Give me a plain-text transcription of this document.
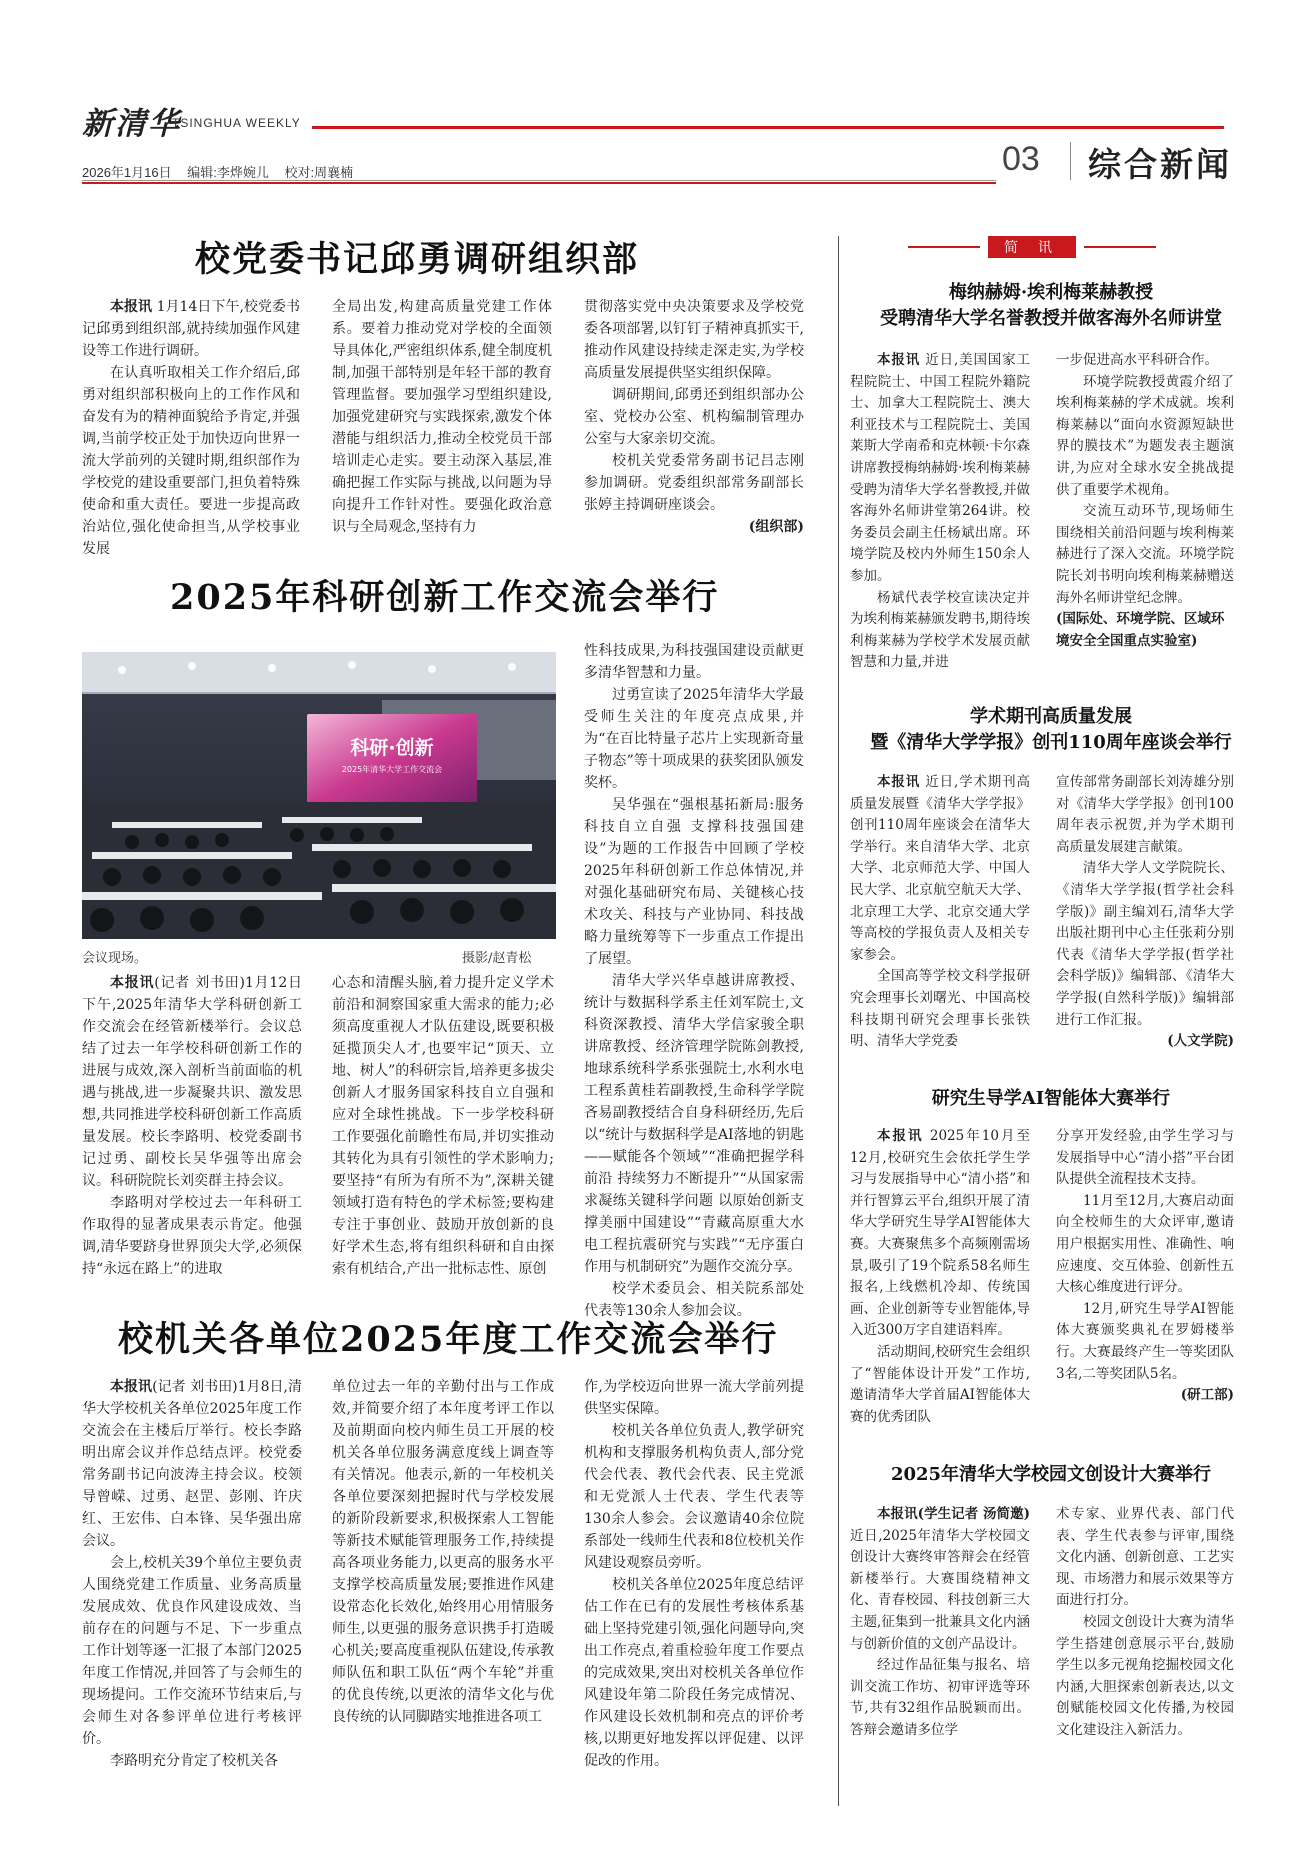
新清华
TSINGHUA WEEKLY
2026年1月16日 编辑:李烨婉儿 校对:周襄楠	03 综合新闻
校党委书记邱勇调研组织部

本报讯 1月14日下午,校党委书记邱勇到组织部,就持续加强作风建设等工作进行调研。

在认真听取相关工作介绍后,邱勇对组织部积极向上的工作作风和奋发有为的精神面貌给予肯定,并强调,当前学校正处于加快迈向世界一流大学前列的关键时期,组织部作为学校党的建设重要部门,担负着特殊使命和重大责任。要进一步提高政治站位,强化使命担当,从学校事业发展

全局出发,构建高质量党建工作体系。要着力推动党对学校的全面领导具体化,严密组织体系,健全制度机制,加强干部特别是年轻干部的教育管理监督。要加强学习型组织建设,加强党建研究与实践探索,激发个体潜能与组织活力,推动全校党员干部培训走心走实。要主动深入基层,准确把握工作实际与挑战,以问题为导向提升工作针对性。要强化政治意识与全局观念,坚持有力

贯彻落实党中央决策要求及学校党委各项部署,以钉钉子精神真抓实干,推动作风建设持续走深走实,为学校高质量发展提供坚实组织保障。

调研期间,邱勇还到组织部办公室、党校办公室、机构编制管理办公室与大家亲切交流。

校机关党委常务副书记吕志刚参加调研。党委组织部常务副部长张婷主持调研座谈会。

(组织部)

2025年科研创新工作交流会举行
科研·创新
2025年清华大学工作交流会
会议现场。	摄影/赵青松

本报讯(记者 刘书田)1月12日下午,2025年清华大学科研创新工作交流会在经管新楼举行。会议总结了过去一年学校科研创新工作的进展与成效,深入剖析当前面临的机遇与挑战,进一步凝聚共识、激发思想,共同推进学校科研创新工作高质量发展。校长李路明、校党委副书记过勇、副校长吴华强等出席会议。科研院院长刘奕群主持会议。

李路明对学校过去一年科研工作取得的显著成果表示肯定。他强调,清华要跻身世界顶尖大学,必须保持“永远在路上”的进取

心态和清醒头脑,着力提升定义学术前沿和洞察国家重大需求的能力;必须高度重视人才队伍建设,既要积极延揽顶尖人才,也要牢记“顶天、立地、树人”的科研宗旨,培养更多拔尖创新人才服务国家科技自立自强和应对全球性挑战。下一步学校科研工作要强化前瞻性布局,并切实推动其转化为具有引领性的学术影响力;要坚持“有所为有所不为”,深耕关键领域打造有特色的学术标签;要构建专注于事创业、鼓励开放创新的良好学术生态,将有组织科研和自由探索有机结合,产出一批标志性、原创

性科技成果,为科技强国建设贡献更多清华智慧和力量。

过勇宣读了2025年清华大学最受师生关注的年度亮点成果,并为“在百比特量子芯片上实现新奇量子物态”等十项成果的获奖团队颁发奖杯。

吴华强在“强根基拓新局:服务科技自立自强 支撑科技强国建设”为题的工作报告中回顾了学校2025年科研创新工作总体情况,并对强化基础研究布局、关键核心技术攻关、科技与产业协同、科技战略力量统筹等下一步重点工作提出了展望。

清华大学兴华卓越讲席教授、统计与数据科学系主任刘军院士,文科资深教授、清华大学信家骏全职讲席教授、经济管理学院陈剑教授,地球系统科学系张强院士,水利水电工程系黄桂若副教授,生命科学学院吝易副教授结合自身科研经历,先后以“统计与数据科学是AI落地的钥匙——赋能各个领域”“准确把握学科前沿 持续努力不断提升”“从国家需求凝练关键科学问题 以原始创新支撑美丽中国建设”“青藏高原重大水电工程抗震研究与实践”“无序蛋白作用与机制研究”为题作交流分享。

校学术委员会、相关院系部处代表等130余人参加会议。

校机关各单位2025年度工作交流会举行

本报讯(记者 刘书田)1月8日,清华大学校机关各单位2025年度工作交流会在主楼后厅举行。校长李路明出席会议并作总结点评。校党委常务副书记向波涛主持会议。校领导曾嵘、过勇、赵罡、彭刚、许庆红、王宏伟、白本锋、吴华强出席会议。

会上,校机关39个单位主要负责人围绕党建工作质量、业务高质量发展成效、优良作风建设成效、当前存在的问题与不足、下一步重点工作计划等逐一汇报了本部门2025年度工作情况,并回答了与会师生的现场提问。工作交流环节结束后,与会师生对各参评单位进行考核评价。

李路明充分肯定了校机关各

单位过去一年的辛勤付出与工作成效,并简要介绍了本年度考评工作以及前期面向校内师生员工开展的校机关各单位服务满意度线上调查等有关情况。他表示,新的一年校机关各单位要深刻把握时代与学校发展的新阶段新要求,积极探索人工智能等新技术赋能管理服务工作,持续提高各项业务能力,以更高的服务水平支撑学校高质量发展;要推进作风建设常态化长效化,始终用心用情服务师生,以更强的服务意识携手打造暖心机关;要高度重视队伍建设,传承教师队伍和职工队伍“两个车轮”并重的优良传统,以更浓的清华文化与优良传统的认同脚踏实地推进各项工

作,为学校迈向世界一流大学前列提供坚实保障。

校机关各单位负责人,教学研究机构和支撑服务机构负责人,部分党代会代表、教代会代表、民主党派和无党派人士代表、学生代表等130余人参会。会议邀请40余位院系部处一线师生代表和8位校机关作风建设观察员旁听。

校机关各单位2025年度总结评估工作在已有的发展性考核体系基础上坚持党建引领,强化问题导向,突出工作亮点,着重检验年度工作要点的完成效果,突出对校机关各单位作风建设年第二阶段任务完成情况、作风建设长效机制和亮点的评价考核,以期更好地发挥以评促建、以评促改的作用。

简 讯
梅纳赫姆·埃利梅莱赫教授
受聘清华大学名誉教授并做客海外名师讲堂

本报讯 近日,美国国家工程院院士、中国工程院外籍院士、加拿大工程院院士、澳大利亚技术与工程院院士、美国莱斯大学南希和克林顿·卡尔森讲席教授梅纳赫姆·埃利梅莱赫受聘为清华大学名誉教授,并做客海外名师讲堂第264讲。校务委员会副主任杨斌出席。环境学院及校内外师生150余人参加。

杨斌代表学校宣读决定并为埃利梅莱赫颁发聘书,期待埃利梅莱赫为学校学术发展贡献智慧和力量,并进

一步促进高水平科研合作。

环境学院教授黄霞介绍了埃利梅莱赫的学术成就。埃利梅莱赫以“面向水资源短缺世界的膜技术”为题发表主题演讲,为应对全球水安全挑战提供了重要学术视角。

交流互动环节,现场师生围绕相关前沿问题与埃利梅莱赫进行了深入交流。环境学院院长刘书明向埃利梅莱赫赠送海外名师讲堂纪念牌。

(国际处、环境学院、区域环境安全全国重点实验室)

学术期刊高质量发展
暨《清华大学学报》创刊110周年座谈会举行

本报讯 近日,学术期刊高质量发展暨《清华大学学报》创刊110周年座谈会在清华大学举行。来自清华大学、北京大学、北京师范大学、中国人民大学、北京航空航天大学、北京理工大学、北京交通大学等高校的学报负责人及相关专家参会。

全国高等学校文科学报研究会理事长刘曙光、中国高校科技期刊研究会理事长张铁明、清华大学党委

宣传部常务副部长刘涛雄分别对《清华大学学报》创刊100周年表示祝贺,并为学术期刊高质量发展建言献策。

清华大学人文学院院长、《清华大学学报(哲学社会科学版)》副主编刘石,清华大学出版社期刊中心主任张莉分别代表《清华大学学报(哲学社会科学版)》编辑部、《清华大学学报(自然科学版)》编辑部进行工作汇报。

(人文学院)

研究生导学AI智能体大赛举行

本报讯 2025年10月至12月,校研究生会依托学生学习与发展指导中心“清小搭”和并行智算云平台,组织开展了清华大学研究生导学AI智能体大赛。大赛聚焦多个高频刚需场景,吸引了19个院系58名师生报名,上线燃机冷却、传统国画、企业创新等专业智能体,导入近300万字自建语料库。

活动期间,校研究生会组织了“智能体设计开发”工作坊,邀请清华大学首届AI智能体大赛的优秀团队

分享开发经验,由学生学习与发展指导中心“清小搭”平台团队提供全流程技术支持。

11月至12月,大赛启动面向全校师生的大众评审,邀请用户根据实用性、准确性、响应速度、交互体验、创新性五大核心维度进行评分。

12月,研究生导学AI智能体大赛颁奖典礼在罗姆楼举行。大赛最终产生一等奖团队3名,二等奖团队5名。

(研工部)

2025年清华大学校园文创设计大赛举行

本报讯(学生记者 汤简邀)近日,2025年清华大学校园文创设计大赛终审答辩会在经管新楼举行。大赛围绕精神文化、青春校园、科技创新三大主题,征集到一批兼具文化内涵与创新价值的文创产品设计。

经过作品征集与报名、培训交流工作坊、初审评选等环节,共有32组作品脱颖而出。答辩会邀请多位学

术专家、业界代表、部门代表、学生代表参与评审,围绕文化内涵、创新创意、工艺实现、市场潜力和展示效果等方面进行打分。

校园文创设计大赛为清华学生搭建创意展示平台,鼓励学生以多元视角挖掘校园文化内涵,大胆探索创新表达,以文创赋能校园文化传播,为校园文化建设注入新活力。
